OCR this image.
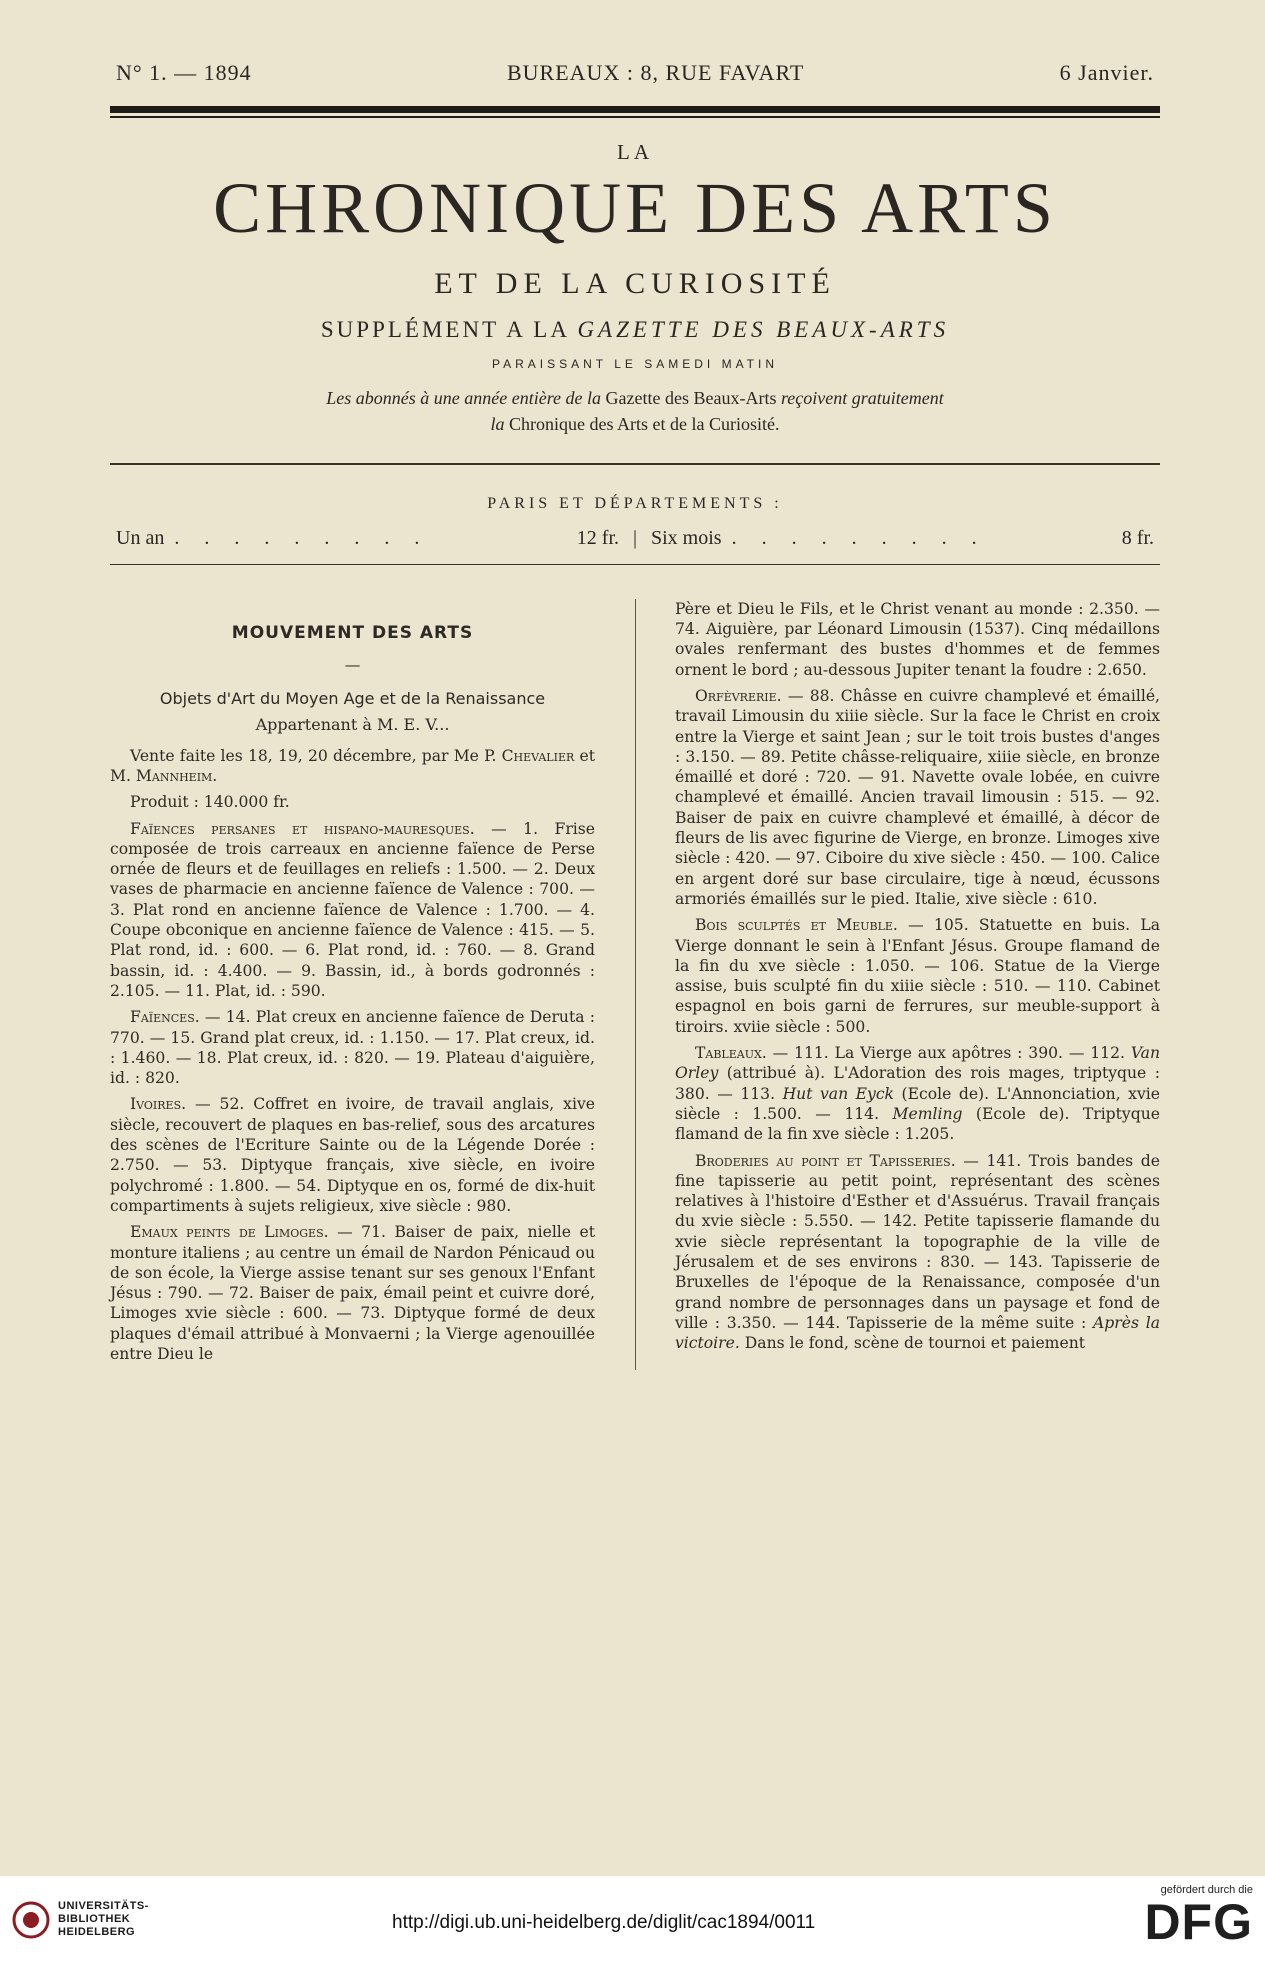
N° 1. — 1894	BUREAUX : 8, RUE FAVART	6 Janvier.
LA
CHRONIQUE DES ARTS
ET DE LA CURIOSITÉ
SUPPLÉMENT A LA GAZETTE DES BEAUX-ARTS
PARAISSANT LE SAMEDI MATIN
Les abonnés à une année entière de la Gazette des Beaux-Arts reçoivent gratuitement
la Chronique des Arts et de la Curiosité.
PARIS ET DÉPARTEMENTS :
Un an . . . . . . . . .	12 fr. | Six mois . . . . . . . . .	8 fr.
MOUVEMENT DES ARTS
—
Objets d'Art du Moyen Age et de la Renaissance
Appartenant à M. E. V...

Vente faite les 18, 19, 20 décembre, par Me P. Chevalier et M. Mannheim.

Produit : 140.000 fr.

Faïences persanes et hispano-mauresques. — 1. Frise composée de trois carreaux en ancienne faïence de Perse ornée de fleurs et de feuillages en reliefs : 1.500. — 2. Deux vases de pharmacie en ancienne faïence de Valence : 700. — 3. Plat rond en ancienne faïence de Valence : 1.700. — 4. Coupe obconique en ancienne faïence de Valence : 415. — 5. Plat rond, id. : 600. — 6. Plat rond, id. : 760. — 8. Grand bassin, id. : 4.400. — 9. Bassin, id., à bords godronnés : 2.105. — 11. Plat, id. : 590.

Faïences. — 14. Plat creux en ancienne faïence de Deruta : 770. — 15. Grand plat creux, id. : 1.150. — 17. Plat creux, id. : 1.460. — 18. Plat creux, id. : 820. — 19. Plateau d'aiguière, id. : 820.

Ivoires. — 52. Coffret en ivoire, de travail anglais, xive siècle, recouvert de plaques en bas-relief, sous des arcatures des scènes de l'Ecriture Sainte ou de la Légende Dorée : 2.750. — 53. Diptyque français, xive siècle, en ivoire polychromé : 1.800. — 54. Diptyque en os, formé de dix-huit compartiments à sujets religieux, xive siècle : 980.

Emaux peints de Limoges. — 71. Baiser de paix, nielle et monture italiens ; au centre un émail de Nardon Pénicaud ou de son école, la Vierge assise tenant sur ses genoux l'Enfant Jésus : 790. — 72. Baiser de paix, émail peint et cuivre doré, Limoges xvie siècle : 600. — 73. Diptyque formé de deux plaques d'émail attribué à Monvaerni ; la Vierge agenouillée entre Dieu le

Père et Dieu le Fils, et le Christ venant au monde : 2.350. — 74. Aiguière, par Léonard Limousin (1537). Cinq médaillons ovales renfermant des bustes d'hommes et de femmes ornent le bord ; au-dessous Jupiter tenant la foudre : 2.650.

Orfèvrerie. — 88. Châsse en cuivre champlevé et émaillé, travail Limousin du xiiie siècle. Sur la face le Christ en croix entre la Vierge et saint Jean ; sur le toit trois bustes d'anges : 3.150. — 89. Petite châsse-reliquaire, xiiie siècle, en bronze émaillé et doré : 720. — 91. Navette ovale lobée, en cuivre champlevé et émaillé. Ancien travail limousin : 515. — 92. Baiser de paix en cuivre champlevé et émaillé, à décor de fleurs de lis avec figurine de Vierge, en bronze. Limoges xive siècle : 420. — 97. Ciboire du xive siècle : 450. — 100. Calice en argent doré sur base circulaire, tige à nœud, écussons armoriés émaillés sur le pied. Italie, xive siècle : 610.

Bois sculptés et Meuble. — 105. Statuette en buis. La Vierge donnant le sein à l'Enfant Jésus. Groupe flamand de la fin du xve siècle : 1.050. — 106. Statue de la Vierge assise, buis sculpté fin du xiiie siècle : 510. — 110. Cabinet espagnol en bois garni de ferrures, sur meuble-support à tiroirs. xviie siècle : 500.

Tableaux. — 111. La Vierge aux apôtres : 390. — 112. Van Orley (attribué à). L'Adoration des rois mages, triptyque : 380. — 113. Hut van Eyck (Ecole de). L'Annonciation, xvie siècle : 1.500. — 114. Memling (Ecole de). Triptyque flamand de la fin xve siècle : 1.205.

Broderies au point et Tapisseries. — 141. Trois bandes de fine tapisserie au petit point, représentant des scènes relatives à l'histoire d'Esther et d'Assuérus. Travail français du xvie siècle : 5.550. — 142. Petite tapisserie flamande du xvie siècle représentant la topographie de la ville de Jérusalem et de ses environs : 830. — 143. Tapisserie de Bruxelles de l'époque de la Renaissance, composée d'un grand nombre de personnages dans un paysage et fond de ville : 3.350. — 144. Tapisserie de la même suite : Après la victoire. Dans le fond, scène de tournoi et paiement

UNIVERSITÄTS-
BIBLIOTHEK
HEIDELBERG	http://digi.ub.uni-heidelberg.de/diglit/cac1894/0011
gefördert durch die
DFG
